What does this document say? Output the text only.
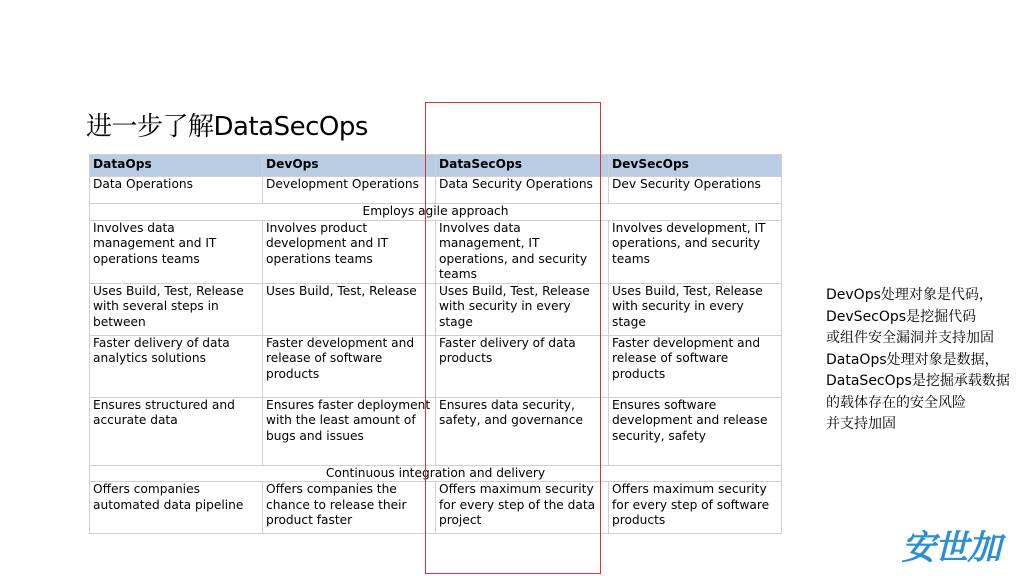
进一步了解DataSecOps
DataOps	DevOps	DataSecOps	DevSecOps
Data Operations	Development Operations	Data Security Operations	Dev Security Operations
Employs agile approach			
Involves data management and IT operations teams	Involves product development and IT operations teams	Involves data management, IT operations, and security teams	Involves development, IT operations, and security teams
Uses Build, Test, Release with several steps in between	Uses Build, Test, Release	Uses Build, Test, Release with security in every stage	Uses Build, Test, Release with security in every stage
Faster delivery of data analytics solutions	Faster development and release of software products	Faster delivery of data products	Faster development and release of software products
Ensures structured and accurate data	Ensures faster deployment with the least amount of bugs and issues	Ensures data security, safety, and governance	Ensures software development and release security, safety
Continuous integration and delivery			
Offers companies automated data pipeline	Offers companies the chance to release their product faster	Offers maximum security for every step of the data project	Offers maximum security for every step of software products
DevOps处理对象是代码，
DevSecOps是挖掘代码
或组件安全漏洞并支持加固
DataOps处理对象是数据，
DataSecOps是挖掘承载数据
的载体存在的安全风险
并支持加固
安世加
